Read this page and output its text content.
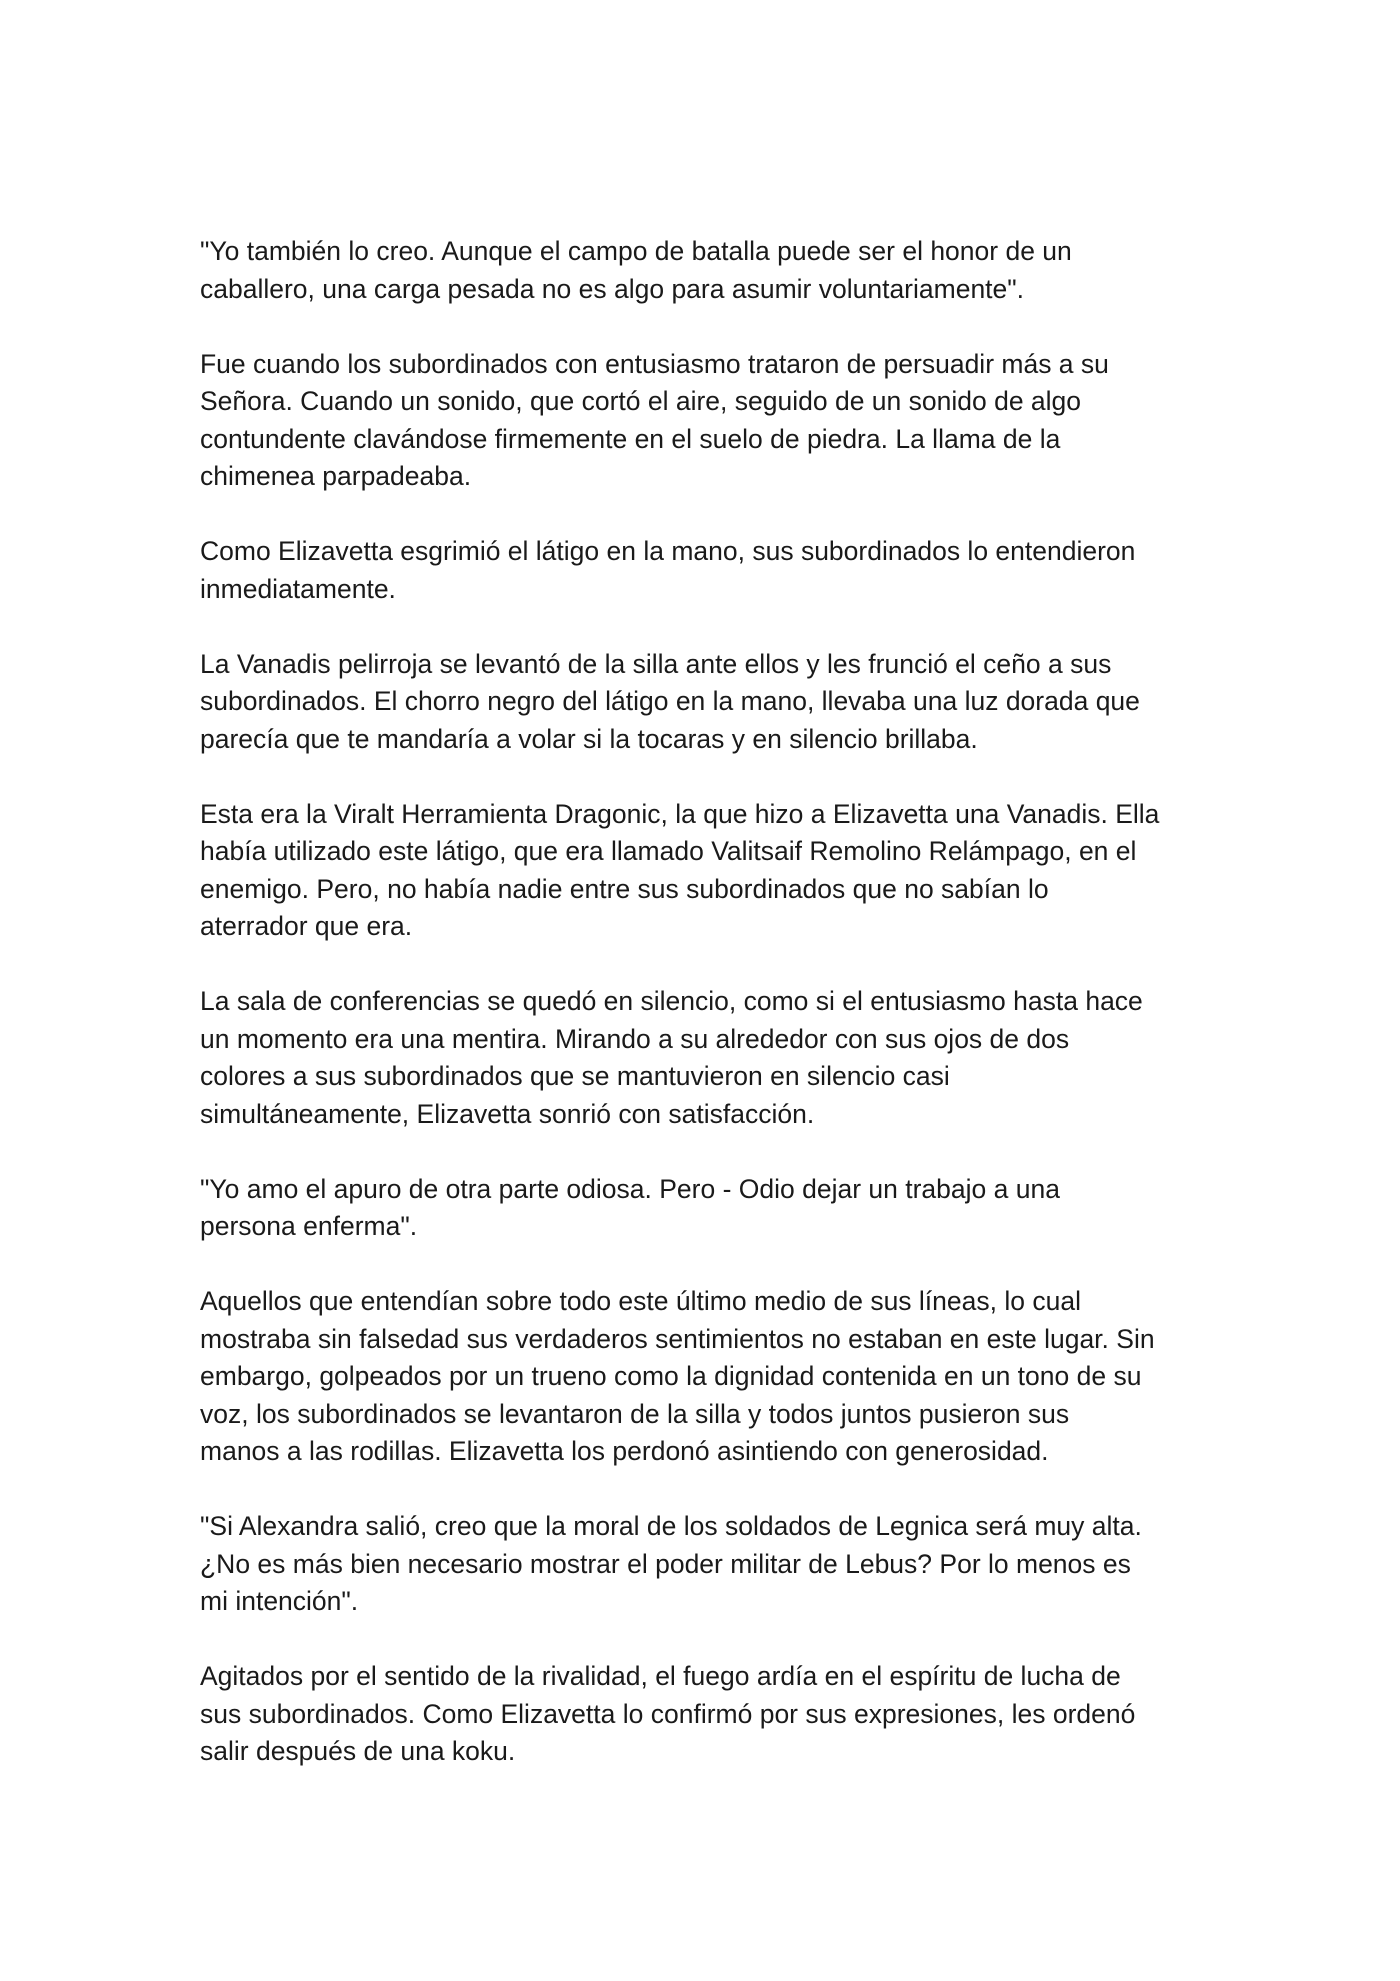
"Yo también lo creo. Aunque el campo de batalla puede ser el honor de un
caballero, una carga pesada no es algo para asumir voluntariamente".

Fue cuando los subordinados con entusiasmo trataron de persuadir más a su
Señora. Cuando un sonido, que cortó el aire, seguido de un sonido de algo
contundente clavándose firmemente en el suelo de piedra. La llama de la
chimenea parpadeaba.

Como Elizavetta esgrimió el látigo en la mano, sus subordinados lo entendieron
inmediatamente.

La Vanadis pelirroja se levantó de la silla ante ellos y les frunció el ceño a sus
subordinados. El chorro negro del látigo en la mano, llevaba una luz dorada que
parecía que te mandaría a volar si la tocaras y en silencio brillaba.

Esta era la Viralt Herramienta Dragonic, la que hizo a Elizavetta una Vanadis. Ella
había utilizado este látigo, que era llamado Valitsaif Remolino Relámpago, en el
enemigo. Pero, no había nadie entre sus subordinados que no sabían lo
aterrador que era.

La sala de conferencias se quedó en silencio, como si el entusiasmo hasta hace
un momento era una mentira. Mirando a su alrededor con sus ojos de dos
colores a sus subordinados que se mantuvieron en silencio casi
simultáneamente, Elizavetta sonrió con satisfacción.

"Yo amo el apuro de otra parte odiosa. Pero - Odio dejar un trabajo a una
persona enferma".

Aquellos que entendían sobre todo este último medio de sus líneas, lo cual
mostraba sin falsedad sus verdaderos sentimientos no estaban en este lugar. Sin
embargo, golpeados por un trueno como la dignidad contenida en un tono de su
voz, los subordinados se levantaron de la silla y todos juntos pusieron sus
manos a las rodillas. Elizavetta los perdonó asintiendo con generosidad.

"Si Alexandra salió, creo que la moral de los soldados de Legnica será muy alta.
¿No es más bien necesario mostrar el poder militar de Lebus? Por lo menos es
mi intención".

Agitados por el sentido de la rivalidad, el fuego ardía en el espíritu de lucha de
sus subordinados. Como Elizavetta lo confirmó por sus expresiones, les ordenó
salir después de una koku.
